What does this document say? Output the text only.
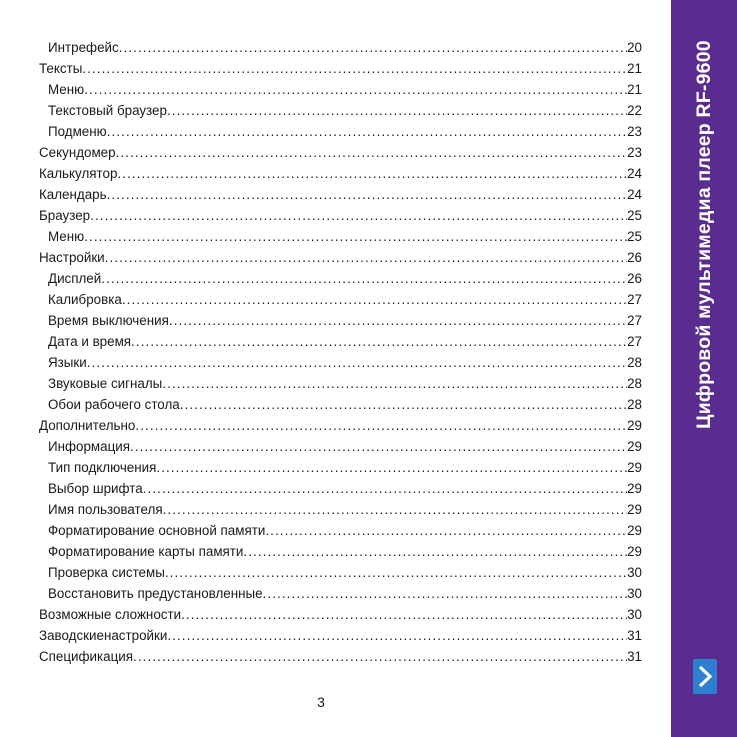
Интрефейс .....	20
Тексты .....	21
Меню .....	21
Текстовый браузер .....	22
Подменю .....	23
Секундомер .....	23
Калькулятор .....	24
Календарь .....	24
Браузер .....	25
Меню .....	25
Настройки .....	26
Дисплей .....	26
Калибровка .....	27
Время выключения .....	27
Дата и время .....	27
Языки .....	28
Звуковые сигналы .....	28
Обои рабочего стола .....	28
Дополнительно .....	29
Информация .....	29
Тип подключения .....	29
Выбор шрифта .....	29
Имя пользователя .....	29
Форматирование основной памяти .....	29
Форматирование карты памяти .....	29
Проверка системы .....	30
Восстановить предустановленные .....	30
Возможные сложности .....	30
Заводскиенастройки .....	31
Спецификация .....	31
3
Цифровой мультимедиа плеер RF-9600
